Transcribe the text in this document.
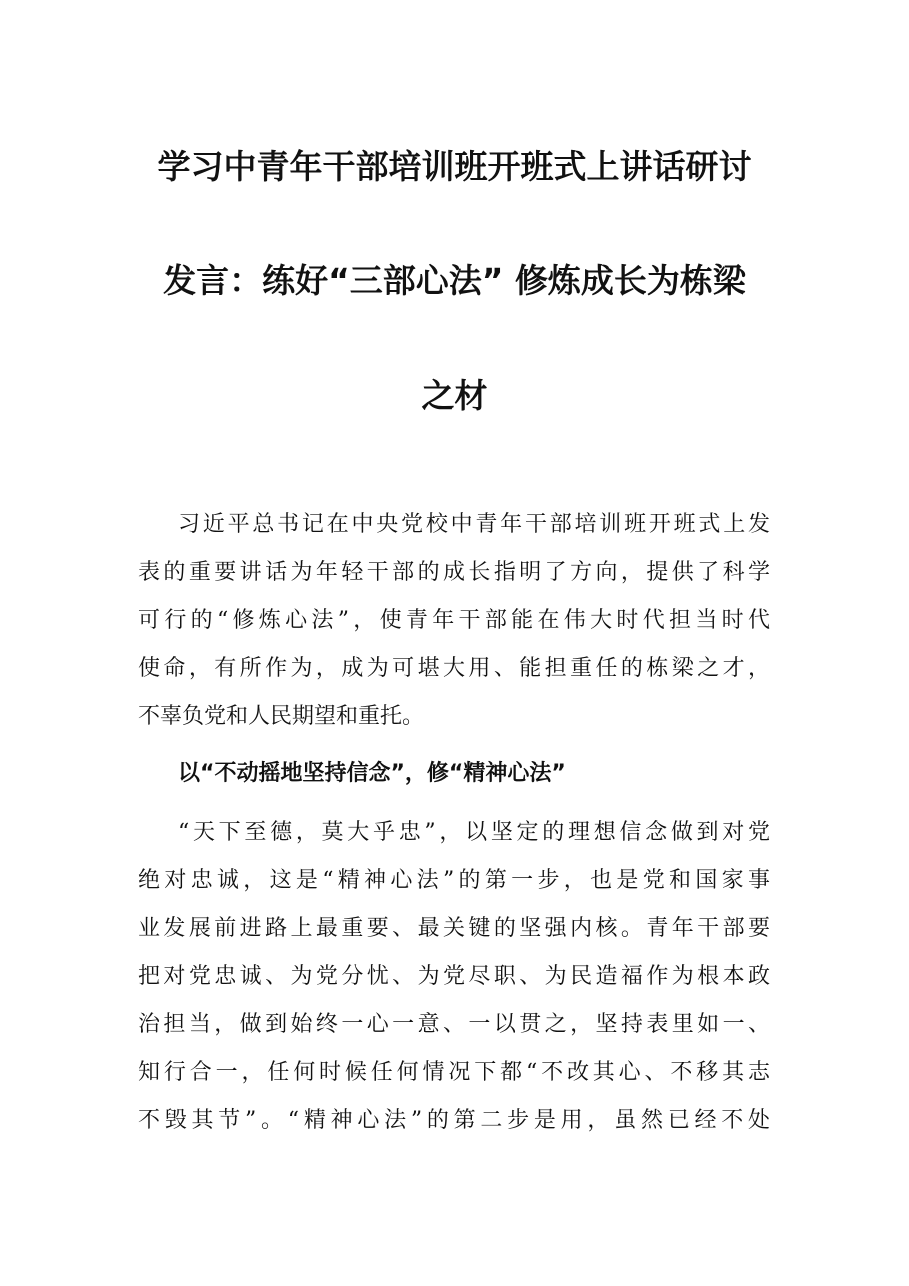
学习中青年干部培训班开班式上讲话研讨
发言：练好“三部心法” 修炼成长为栋梁
之材
习近平总书记在中央党校中青年干部培训班开班式上发
表的重要讲话为年轻干部的成长指明了方向，提供了科学
可行的“修炼心法”，使青年干部能在伟大时代担当时代
使命，有所作为，成为可堪大用、能担重任的栋梁之才，
不辜负党和人民期望和重托。
以“不动摇地坚持信念”，修“精神心法”
“天下至德，莫大乎忠”，以坚定的理想信念做到对党
绝对忠诚，这是“精神心法”的第一步，也是党和国家事
业发展前进路上最重要、最关键的坚强内核。青年干部要
把对党忠诚、为党分忧、为党尽职、为民造福作为根本政
治担当，做到始终一心一意、一以贯之，坚持表里如一、
知行合一，任何时候任何情况下都“不改其心、不移其志
不毁其节”。“精神心法”的第二步是用，虽然已经不处
